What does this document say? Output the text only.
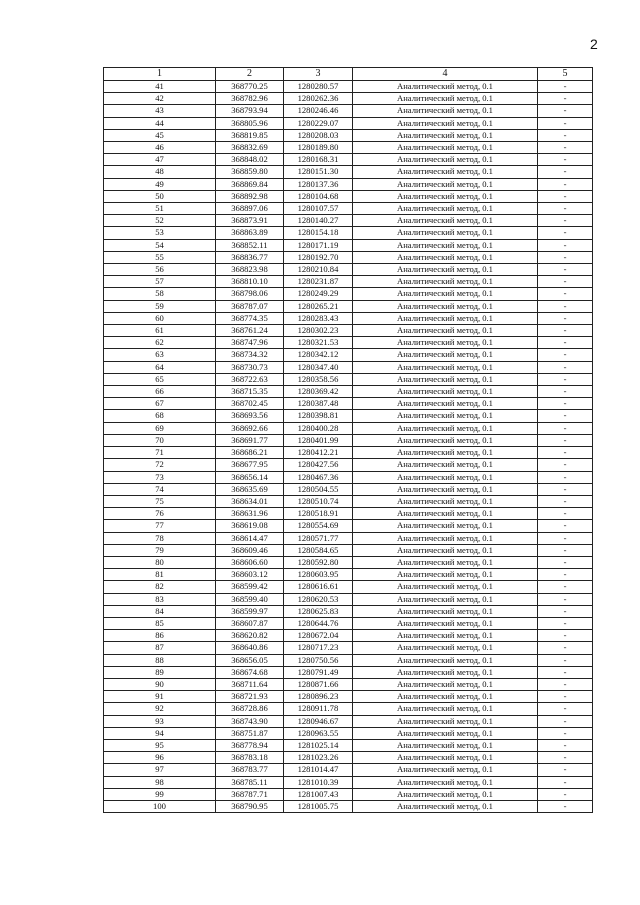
2
1	2	3	4	5
41	368770.25	1280280.57	Аналитический метод, 0.1	-
42	368782.96	1280262.36	Аналитический метод, 0.1	-
43	368793.94	1280246.46	Аналитический метод, 0.1	-
44	368805.96	1280229.07	Аналитический метод, 0.1	-
45	368819.85	1280208.03	Аналитический метод, 0.1	-
46	368832.69	1280189.80	Аналитический метод, 0.1	-
47	368848.02	1280168.31	Аналитический метод, 0.1	-
48	368859.80	1280151.30	Аналитический метод, 0.1	-
49	368869.84	1280137.36	Аналитический метод, 0.1	-
50	368892.98	1280104.68	Аналитический метод, 0.1	-
51	368897.06	1280107.57	Аналитический метод, 0.1	-
52	368873.91	1280140.27	Аналитический метод, 0.1	-
53	368863.89	1280154.18	Аналитический метод, 0.1	-
54	368852.11	1280171.19	Аналитический метод, 0.1	-
55	368836.77	1280192.70	Аналитический метод, 0.1	-
56	368823.98	1280210.84	Аналитический метод, 0.1	-
57	368810.10	1280231.87	Аналитический метод, 0.1	-
58	368798.06	1280249.29	Аналитический метод, 0.1	-
59	368787.07	1280265.21	Аналитический метод, 0.1	-
60	368774.35	1280283.43	Аналитический метод, 0.1	-
61	368761.24	1280302.23	Аналитический метод, 0.1	-
62	368747.96	1280321.53	Аналитический метод, 0.1	-
63	368734.32	1280342.12	Аналитический метод, 0.1	-
64	368730.73	1280347.40	Аналитический метод, 0.1	-
65	368722.63	1280358.56	Аналитический метод, 0.1	-
66	368715.35	1280369.42	Аналитический метод, 0.1	-
67	368702.45	1280387.48	Аналитический метод, 0.1	-
68	368693.56	1280398.81	Аналитический метод, 0.1	-
69	368692.66	1280400.28	Аналитический метод, 0.1	-
70	368691.77	1280401.99	Аналитический метод, 0.1	-
71	368686.21	1280412.21	Аналитический метод, 0.1	-
72	368677.95	1280427.56	Аналитический метод, 0.1	-
73	368656.14	1280467.36	Аналитический метод, 0.1	-
74	368635.69	1280504.55	Аналитический метод, 0.1	-
75	368634.01	1280510.74	Аналитический метод, 0.1	-
76	368631.96	1280518.91	Аналитический метод, 0.1	-
77	368619.08	1280554.69	Аналитический метод, 0.1	-
78	368614.47	1280571.77	Аналитический метод, 0.1	-
79	368609.46	1280584.65	Аналитический метод, 0.1	-
80	368606.60	1280592.80	Аналитический метод, 0.1	-
81	368603.12	1280603.95	Аналитический метод, 0.1	-
82	368599.42	1280616.61	Аналитический метод, 0.1	-
83	368599.40	1280620.53	Аналитический метод, 0.1	-
84	368599.97	1280625.83	Аналитический метод, 0.1	-
85	368607.87	1280644.76	Аналитический метод, 0.1	-
86	368620.82	1280672.04	Аналитический метод, 0.1	-
87	368640.86	1280717.23	Аналитический метод, 0.1	-
88	368656.05	1280750.56	Аналитический метод, 0.1	-
89	368674.68	1280791.49	Аналитический метод, 0.1	-
90	368711.64	1280871.66	Аналитический метод, 0.1	-
91	368721.93	1280896.23	Аналитический метод, 0.1	-
92	368728.86	1280911.78	Аналитический метод, 0.1	-
93	368743.90	1280946.67	Аналитический метод, 0.1	-
94	368751.87	1280963.55	Аналитический метод, 0.1	-
95	368778.94	1281025.14	Аналитический метод, 0.1	-
96	368783.18	1281023.26	Аналитический метод, 0.1	-
97	368783.77	1281014.47	Аналитический метод, 0.1	-
98	368785.11	1281010.39	Аналитический метод, 0.1	-
99	368787.71	1281007.43	Аналитический метод, 0.1	-
100	368790.95	1281005.75	Аналитический метод, 0.1	-
